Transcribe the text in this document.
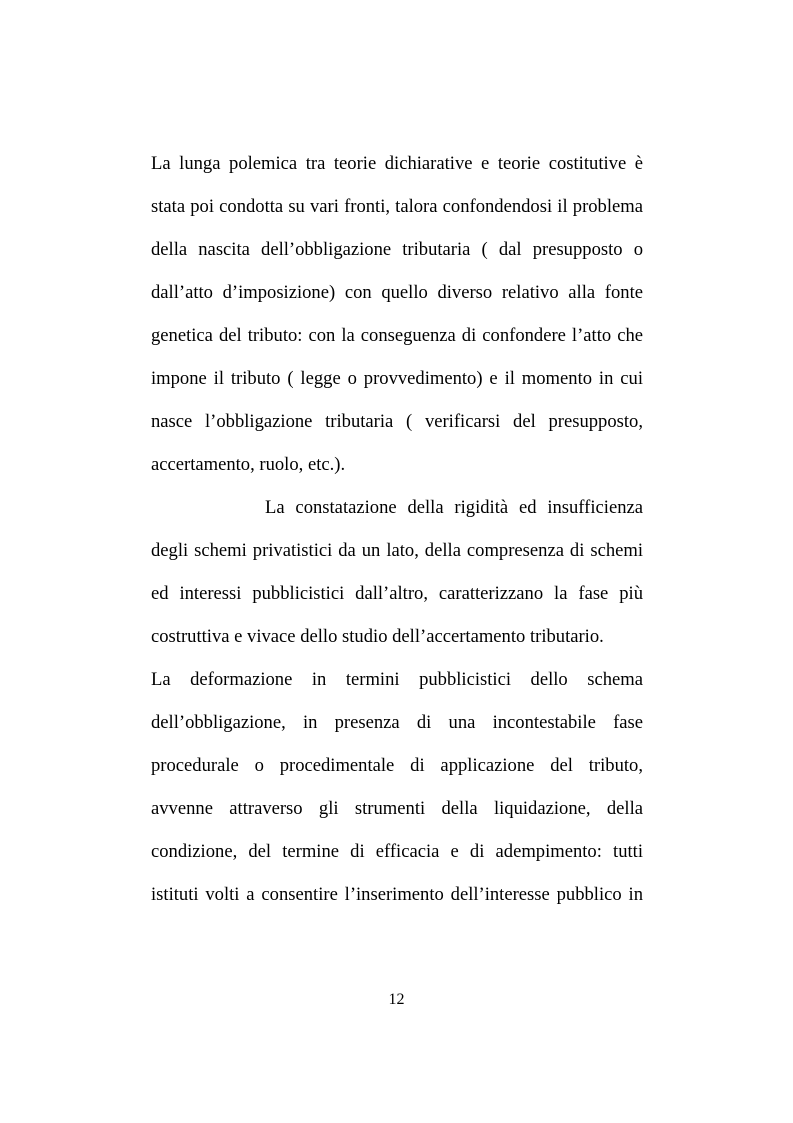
La lunga polemica tra teorie dichiarative e teorie costitutive è
stata poi condotta su vari fronti, talora confondendosi il problema
della nascita dell’obbligazione tributaria ( dal presupposto o
dall’atto d’imposizione) con quello diverso relativo alla fonte
genetica del tributo: con la conseguenza di confondere l’atto che
impone il tributo ( legge o provvedimento) e il momento in cui
nasce l’obbligazione tributaria ( verificarsi del presupposto,
accertamento, ruolo, etc.).
La constatazione della rigidità ed insufficienza
degli schemi privatistici da un lato, della compresenza di schemi
ed interessi pubblicistici dall’altro, caratterizzano la fase più
costruttiva e vivace dello studio dell’accertamento tributario.
La deformazione in termini pubblicistici dello schema
dell’obbligazione, in presenza di una incontestabile fase
procedurale o procedimentale di applicazione del tributo,
avvenne attraverso gli strumenti della liquidazione, della
condizione, del termine di efficacia e di adempimento: tutti
istituti volti a consentire l’inserimento dell’interesse pubblico in
12
